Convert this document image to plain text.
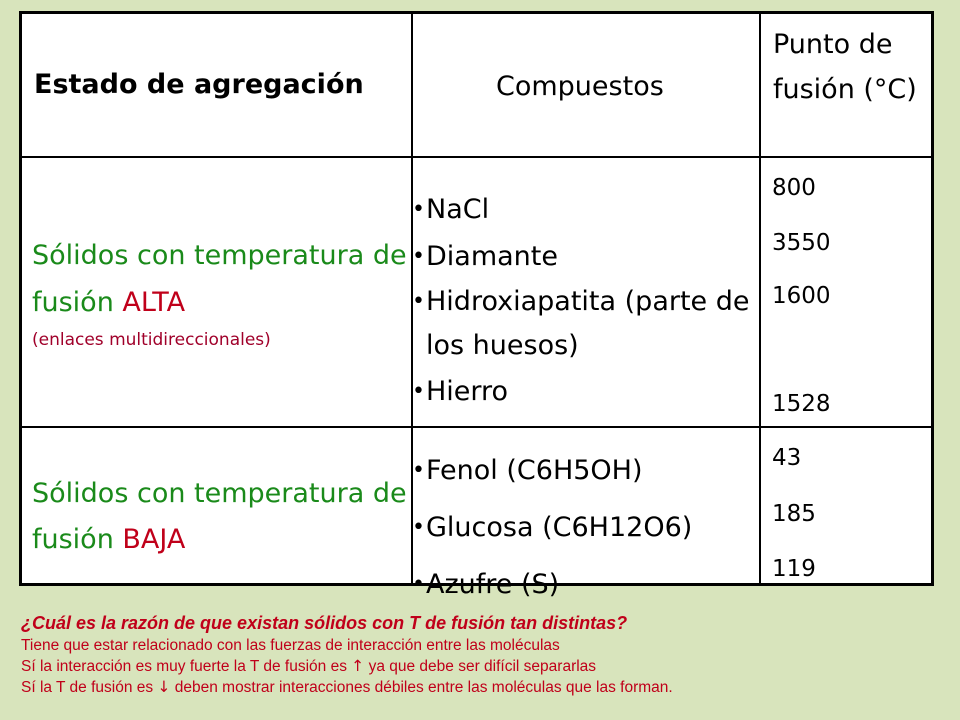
Estado de agregación	Compuestos
Punto de fusión (°C)
Sólidos con temperatura de fusión ALTA
(enlaces multidireccionales)
• NaCl
• Diamante
• Hidroxiapatita (parte de los huesos)
• Hierro
800
3550
1600
1528
Sólidos con temperatura de fusión BAJA
• Fenol (C6H5OH)
• Glucosa (C6H12O6)
• Azufre (S)
43
185
119
¿Cuál es la razón de que existan sólidos con T de fusión tan distintas?
Tiene que estar relacionado con las fuerzas de interacción entre las moléculas
Sí la interacción es muy fuerte la T de fusión es ↑ ya que debe ser difícil separarlas
Sí la T de fusión es ↓ deben mostrar interacciones débiles entre las moléculas que las forman.
